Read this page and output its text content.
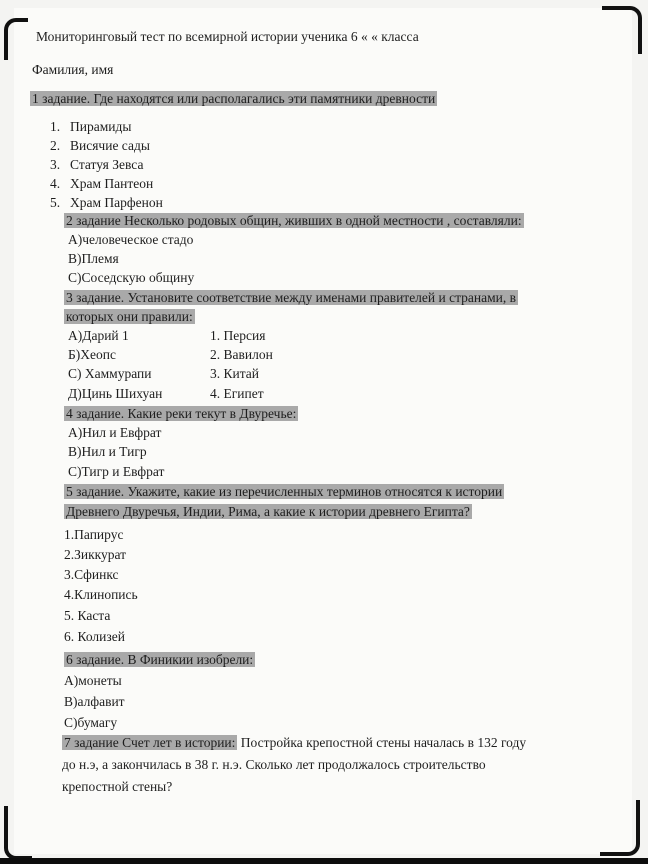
Мониторинговый тест по всемирной истории ученика 6 « « класса
Фамилия, имя
1 задание. Где находятся или располагались эти памятники древности
1. Пирамиды
2. Висячие сады
3. Статуя Зевса
4. Храм Пантеон
5. Храм Парфенон
2 задание Несколько родовых общин, живших в одной местности , составляли:
А)человеческое стадо
В)Племя
С)Соседскую общину
3 задание. Установите соответствие между именами правителей и странами, в
которых они правили:
А)Дарий 1
Б)Хеопс
С) Хаммурапи
Д)Цинь Шихуан
1. Персия
2. Вавилон
3. Китай
4. Египет
4 задание. Какие реки текут в Двуречье:
А)Нил и Евфрат
В)Нил и Тигр
С)Тигр и Евфрат
5 задание. Укажите, какие из перечисленных терминов относятся к истории
Древнего Двуречья, Индии, Рима, а какие к истории древнего Египта?
1.Папирус
2.Зиккурат
3.Сфинкс
4.Клинопись
5. Каста
6. Колизей
6 задание. В Финикии изобрели:
А)монеты
В)алфавит
С)бумагу
7 задание Счет лет в истории: Постройка крепостной стены началась в 132 году
до н.э, а закончилась в 38 г. н.э. Сколько лет продолжалось строительство
крепостной стены?
